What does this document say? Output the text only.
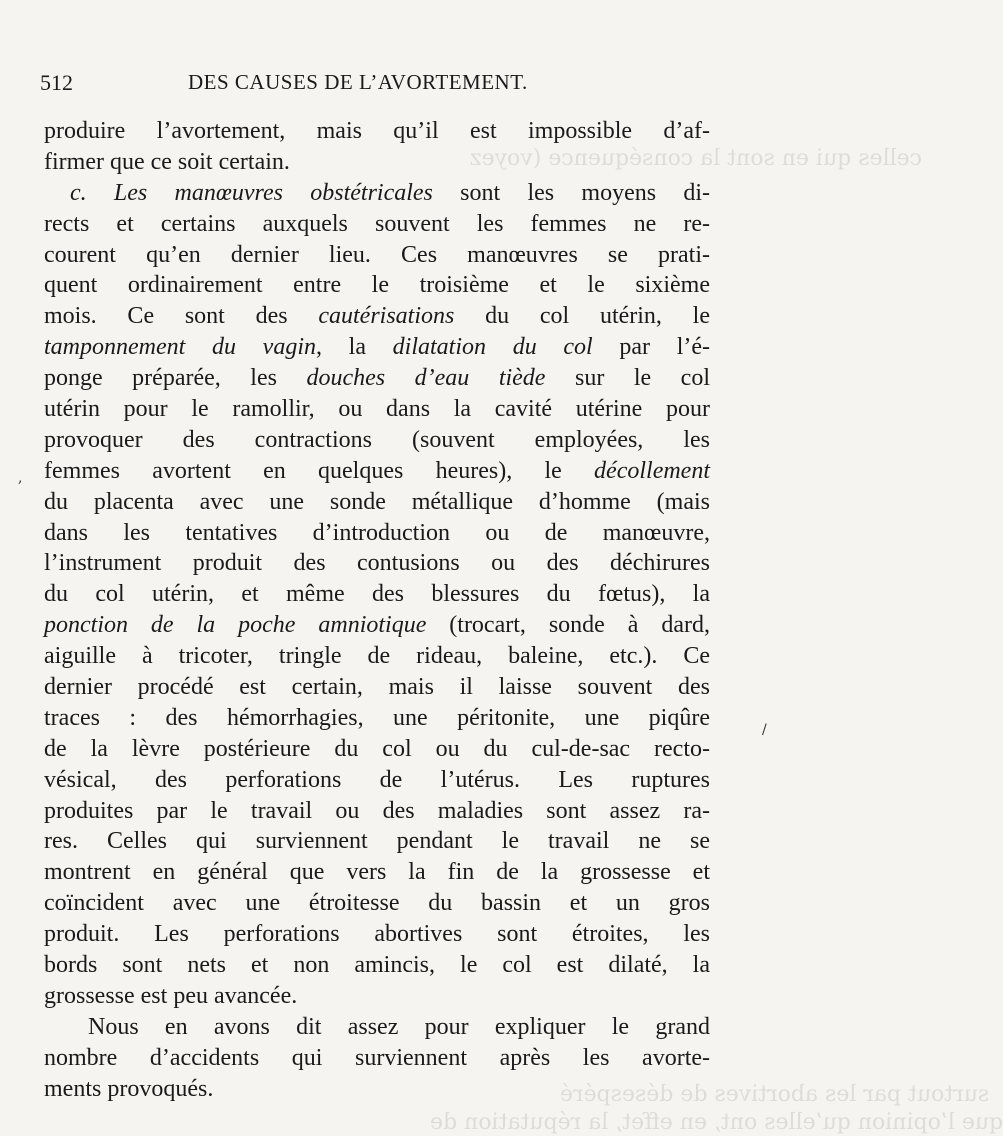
celles qui en sont la conséquence (voyez
surtout par les abortives de désespéré
que l’opinion qu’elles ont, en effet, la réputation de
512	DES CAUSES DE L’AVORTEMENT.
produire l’avortement, mais qu’il est impossible d’af-
firmer que ce soit certain.
c. Les manœuvres obstétricales sont les moyens di-
rects et certains auxquels souvent les femmes ne re-
courent qu’en dernier lieu. Ces manœuvres se prati-
quent ordinairement entre le troisième et le sixième
mois. Ce sont des cautérisations du col utérin, le
tamponnement du vagin, la dilatation du col par l’é-
ponge préparée, les douches d’eau tiède sur le col
utérin pour le ramollir, ou dans la cavité utérine pour
provoquer des contractions (souvent employées, les
femmes avortent en quelques heures), le décollement
du placenta avec une sonde métallique d’homme (mais
dans les tentatives d’introduction ou de manœuvre,
l’instrument produit des contusions ou des déchirures
du col utérin, et même des blessures du fœtus), la
ponction de la poche amniotique (trocart, sonde à dard,
aiguille à tricoter, tringle de rideau, baleine, etc.). Ce
dernier procédé est certain, mais il laisse souvent des
traces : des hémorrhagies, une péritonite, une piqûre
de la lèvre postérieure du col ou du cul-de-sac recto-
vésical, des perforations de l’utérus. Les ruptures
produites par le travail ou des maladies sont assez ra-
res. Celles qui surviennent pendant le travail ne se
montrent en général que vers la fin de la grossesse et
coïncident avec une étroitesse du bassin et un gros
produit. Les perforations abortives sont étroites, les
bords sont nets et non amincis, le col est dilaté, la
grossesse est peu avancée.
Nous en avons dit assez pour expliquer le grand
nombre d’accidents qui surviennent après les avorte-
ments provoqués.
,
/
